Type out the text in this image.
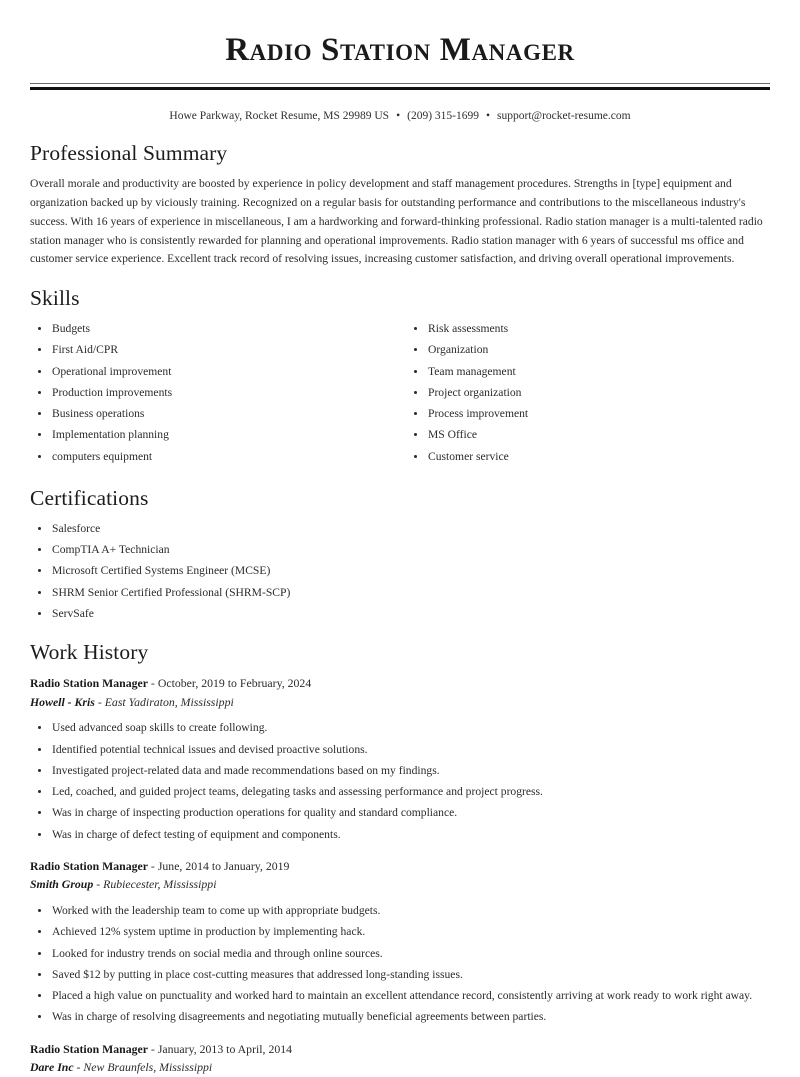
Radio Station Manager
Howe Parkway, Rocket Resume, MS 29989 US • (209) 315-1699 • support@rocket-resume.com
Professional Summary

Overall morale and productivity are boosted by experience in policy development and staff management procedures. Strengths in [type] equipment and organization backed up by viciously training. Recognized on a regular basis for outstanding performance and contributions to the miscellaneous industry's success. With 16 years of experience in miscellaneous, I am a hardworking and forward-thinking professional. Radio station manager is a multi-talented radio station manager who is consistently rewarded for planning and operational improvements. Radio station manager with 6 years of successful ms office and customer service experience. Excellent track record of resolving issues, increasing customer satisfaction, and driving overall operational improvements.

Skills
Budgets
First Aid/CPR
Operational improvement
Production improvements
Business operations
Implementation planning
computers equipment
Risk assessments
Organization
Team management
Project organization
Process improvement
MS Office
Customer service
Certifications
Salesforce
CompTIA A+ Technician
Microsoft Certified Systems Engineer (MCSE)
SHRM Senior Certified Professional (SHRM-SCP)
ServSafe
Work History
Radio Station Manager - October, 2019 to February, 2024
Howell - Kris - East Yadiraton, Mississippi
Used advanced soap skills to create following.
Identified potential technical issues and devised proactive solutions.
Investigated project-related data and made recommendations based on my findings.
Led, coached, and guided project teams, delegating tasks and assessing performance and project progress.
Was in charge of inspecting production operations for quality and standard compliance.
Was in charge of defect testing of equipment and components.
Radio Station Manager - June, 2014 to January, 2019
Smith Group - Rubiecester, Mississippi
Worked with the leadership team to come up with appropriate budgets.
Achieved 12% system uptime in production by implementing hack.
Looked for industry trends on social media and through online sources.
Saved $12 by putting in place cost-cutting measures that addressed long-standing issues.
Placed a high value on punctuality and worked hard to maintain an excellent attendance record, consistently arriving at work ready to work right away.
Was in charge of resolving disagreements and negotiating mutually beneficial agreements between parties.
Radio Station Manager - January, 2013 to April, 2014
Dare Inc - New Braunfels, Mississippi
